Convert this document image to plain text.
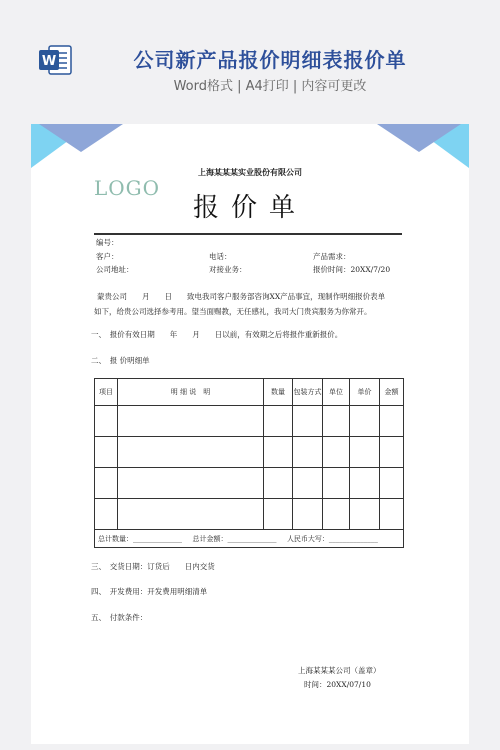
W	公司新产品报价明细表报价单
Word格式 | A4打印 | 内容可更改
上海某某某实业股份有限公司
LOGO
报价单
编号：
客户：	电话：	产品需求：
公司地址：	对接业务：	报价时间：20XX/7/20
蒙贵公司　　月　　日　　致电我司客户服务部咨询XX产品事宜，现制作明细报价表单
如下，给贵公司选择参考用。望当面赐教，无任感礼，我司大门贵宾服务为你常开。
一、　报价有效日期　　年　　月　　日以前，有效期之后将报作重新报价。
二、　报 价明细单
项目	明 细 说　明	数量	包装方式	单位	单价	金额

总计数量：______________ 总计金额：______________ 人民币大写：______________						
三、　交货日期：订货后　　日内交货
四、　开发费用：开发费用明细清单
五、　付款条件：
上海某某某公司（盖章）
时间：20XX/07/10
